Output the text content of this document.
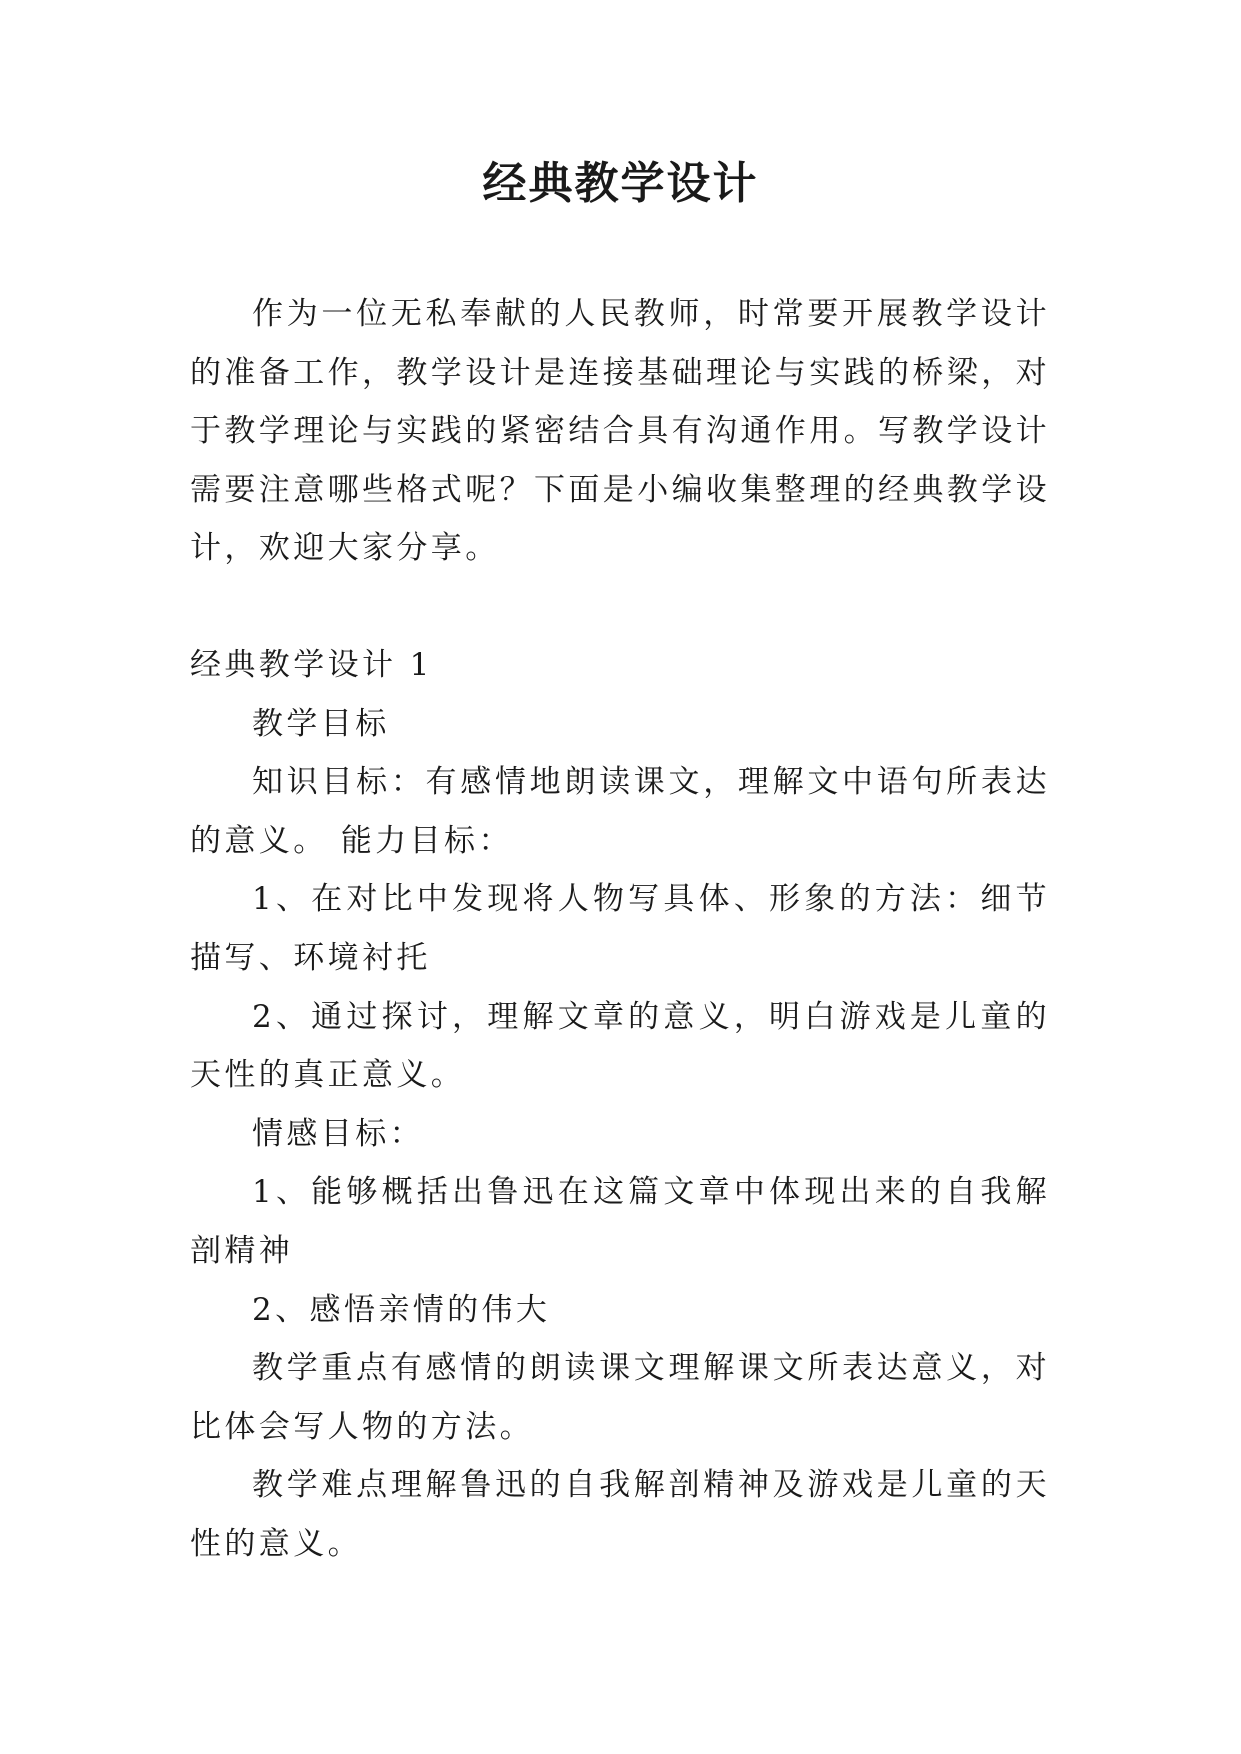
经典教学设计

作为一位无私奉献的人民教师，时常要开展教学设计的准备工作，教学设计是连接基础理论与实践的桥梁，对于教学理论与实践的紧密结合具有沟通作用。写教学设计需要注意哪些格式呢？下面是小编收集整理的经典教学设计，欢迎大家分享。

经典教学设计 1

教学目标

知识目标：有感情地朗读课文，理解文中语句所表达的意义。 能力目标：

1、在对比中发现将人物写具体、形象的方法：细节描写、环境衬托

2、通过探讨，理解文章的意义，明白游戏是儿童的天性的真正意义。

情感目标：

1、能够概括出鲁迅在这篇文章中体现出来的自我解剖精神

2、感悟亲情的伟大

教学重点有感情的朗读课文理解课文所表达意义，对比体会写人物的方法。

教学难点理解鲁迅的自我解剖精神及游戏是儿童的天性的意义。
